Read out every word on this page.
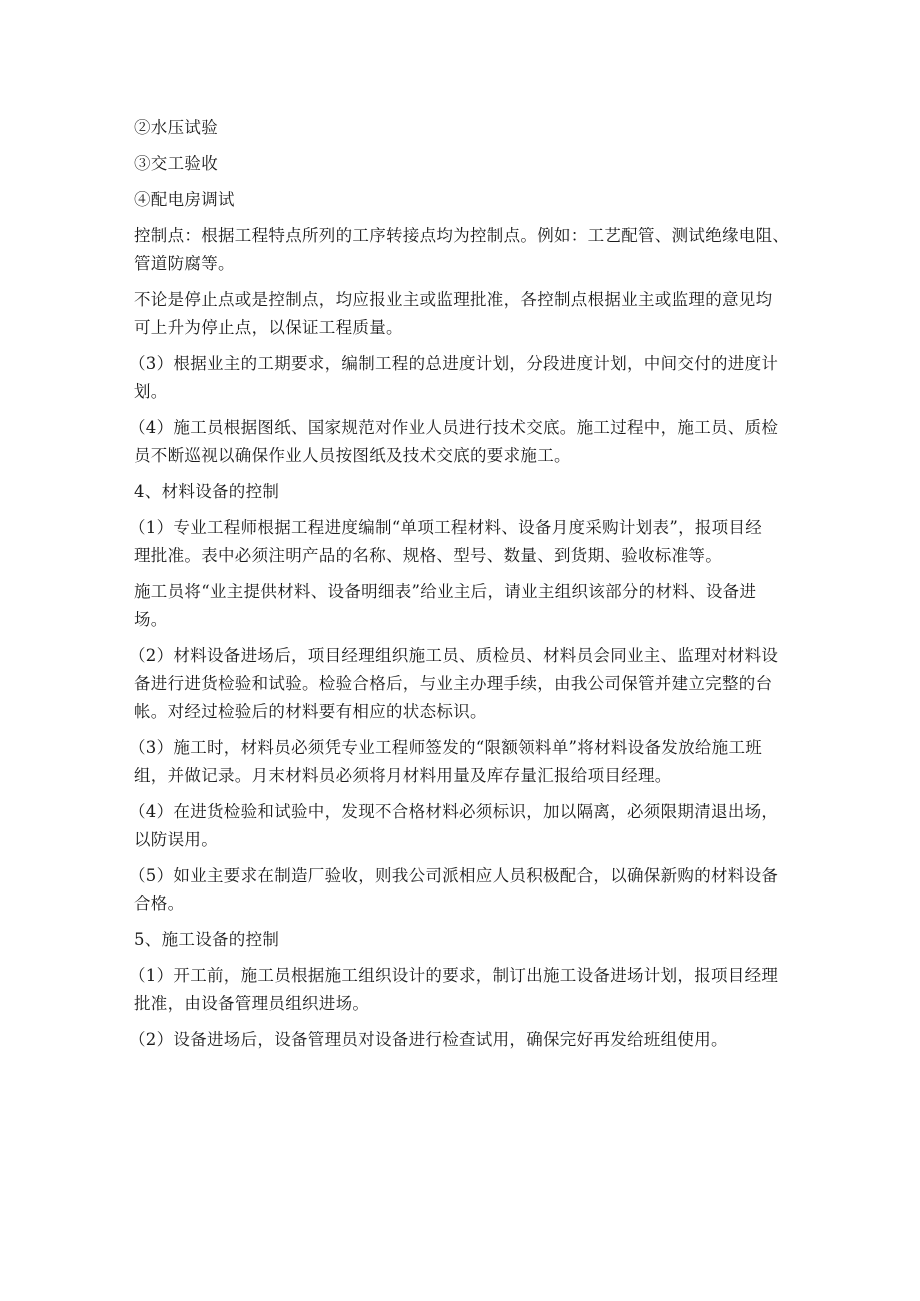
②水压试验
③交工验收
④配电房调试
控制点：根据工程特点所列的工序转接点均为控制点。例如：工艺配管、测试绝缘电阻、
管道防腐等。
不论是停止点或是控制点，均应报业主或监理批准，各控制点根据业主或监理的意见均
可上升为停止点，以保证工程质量。
（3）根据业主的工期要求，编制工程的总进度计划，分段进度计划，中间交付的进度计
划。
（4）施工员根据图纸、国家规范对作业人员进行技术交底。施工过程中，施工员、质检
员不断巡视以确保作业人员按图纸及技术交底的要求施工。
4、材料设备的控制
（1）专业工程师根据工程进度编制“单项工程材料、设备月度采购计划表”，报项目经
理批准。表中必须注明产品的名称、规格、型号、数量、到货期、验收标准等。
施工员将“业主提供材料、设备明细表”给业主后，请业主组织该部分的材料、设备进
场。
（2）材料设备进场后，项目经理组织施工员、质检员、材料员会同业主、监理对材料设
备进行进货检验和试验。检验合格后，与业主办理手续，由我公司保管并建立完整的台
帐。对经过检验后的材料要有相应的状态标识。
（3）施工时，材料员必须凭专业工程师签发的“限额领料单”将材料设备发放给施工班
组，并做记录。月末材料员必须将月材料用量及库存量汇报给项目经理。
（4）在进货检验和试验中，发现不合格材料必须标识，加以隔离，必须限期清退出场，
以防误用。
（5）如业主要求在制造厂验收，则我公司派相应人员积极配合，以确保新购的材料设备
合格。
5、施工设备的控制
（1）开工前，施工员根据施工组织设计的要求，制订出施工设备进场计划，报项目经理
批准，由设备管理员组织进场。
（2）设备进场后，设备管理员对设备进行检查试用，确保完好再发给班组使用。
